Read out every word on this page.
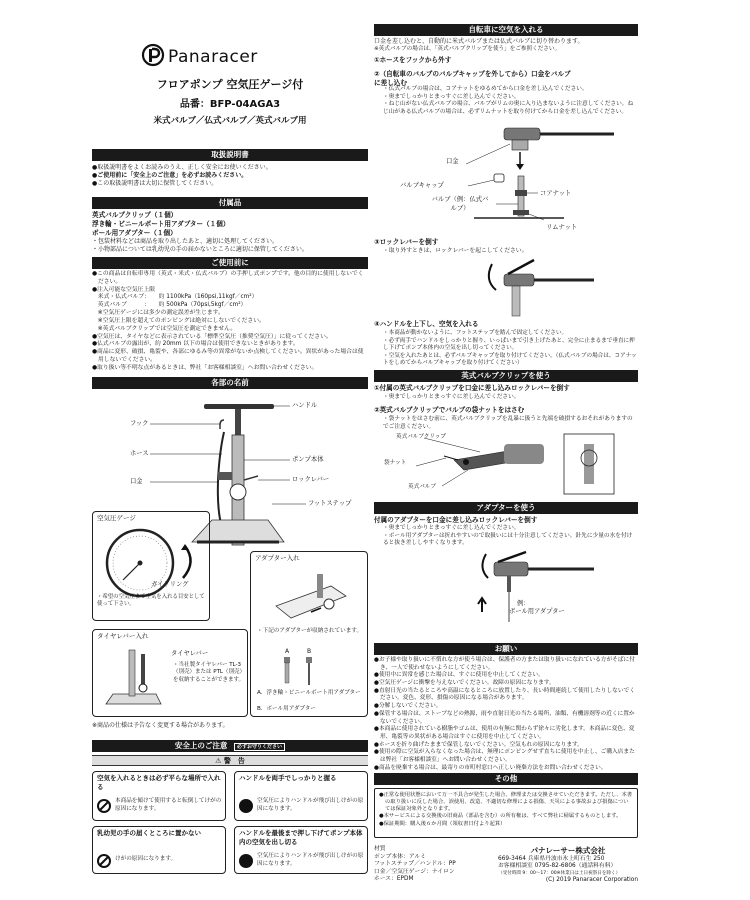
Panaracer
フロアポンプ 空気圧ゲージ付
品番：BFP-04AGA3
米式バルブ／仏式バルブ／英式バルブ用
取扱説明書

●取扱説明書をよくお読みのうえ、正しく安全にお使いください。

●ご使用前に「安全上のご注意」を必ずお読みください。

●この取扱説明書は大切に保管してください。

付属品

英式バルブクリップ（１個）

浮き輪・ビニールボート用アダプター（１個）

ボール用アダプター（１個）

・包装材料などは商品を取り出したあと、適切に処理してください。

・小物部品については乳幼児の手の届かないところに適切に保管してください。

ご使用前に

●この商品は自転車専用（英式・米式・仏式バルブ）の手押し式ポンプです。他の目的に使用しないでください。

●注入可能な空気圧上限

　米式・仏式バルブ：　　約 1100kPa（160psi,11kgf／cm²）

　英式バルブ　　　：　　約 500kPa（70psi,5kgf／cm²）

　※空気圧ゲージには多少の測定誤差が生じます。

　※空気圧上限を超えてのポンピングは絶対にしないでください。

　※英式バルブクリップでは空気圧を測定できません。

●空気圧は、タイヤなどに表示されている「標準空気圧（推奨空気圧）」に従ってください。

●仏式バルブの露出が、約 20mm 以下の場合は使用できないときがあります。

●商品に変形、破損、亀裂や、各部にゆるみ等の異常がないか点検してください。異状があった場合は使用しないでください。

●取り扱い等不明な点があるときは、弊社「お客様相談室」へお問い合わせください。

各部の名前
ハンドル
フック
ホース
ポンプ本体
口金	ロックレバー
フットステップ
空気圧ゲージ
ガイドリング
・希望の空気圧まで空気を入れる目安として使って下さい。
アダプター入れ
・下記のアダプターが収納されています。
A	B
A．浮き輪・ビニールボート用アダプター
B．ボール用アダプター
タイヤレバー入れ
タイヤレバー
・当社製タイヤレバー TL-3（別売）または PTL（別売）を収納することができます。
※商品の仕様は予告なく変更する場合があります。
安全上のご注意 必ずお守りください
⚠ 警　告
空気を入れるときは必ず平らな場所で入れる
本商品を傾けて使用すると転倒してけがの原因になります。
ハンドルを両手でしっかりと握る
空気圧によりハンドルが飛び出しけがの原因になります。
乳幼児の手の届くところに置かない
けがの原因になります。
ハンドルを最後まで押し下げてポンプ本体内の空気を出し切る
空気圧によりハンドルが飛び出しけがの原因になります。
自転車に空気を入れる

口金を差し込むと、自動的に米式バルブまたは仏式バルブに切り替わります。

※英式バルブの場合は、「英式バルブクリップを使う」をご参照ください。

①ホースをフックから外す
②（自転車のバルブのバルブキャップを外してから）口金をバルブに差し込む

・仏式バルブの場合は、コアナットをゆるめてから口金を差し込んでください。

・奥までしっかりとまっすぐに差し込んでください。

・ねじ山がない仏式バルブの場合、バルブがリムの奥に入り込まないように注意してください。ねじ山がある仏式バルブの場合は、必ずリムナットを取り付けてから口金を差し込んでください。

口金
バルブキャップ
コアナット
バルブ（例：仏式バルブ）
リムナット
③ロックレバーを倒す
・取り外すときは、ロックレバーを起こしてください。
④ハンドルを上下し、空気を入れる

・本商品が動かないように、フットステップを踏んで固定してください。

・必ず両手でハンドルをしっかりと握り、いっぱいまで引き上げたあと、完全に止まるまで垂直に押し下げてポンプ本体内の空気を出し切ってください。

・空気を入れたあとは、必ずバルブキャップを取り付けてください。（仏式バルブの場合は、コアナットをしめてからバルブキャップを取り付けてください）

英式バルブクリップを使う
①付属の英式バルブクリップを口金に差し込みロックレバーを倒す
・奥までしっかりとまっすぐに差し込んでください。
②英式バルブクリップでバルブの袋ナットをはさむ
・袋ナットをはさむ前に、英式バルブクリップを乱暴に扱うと先端を破損するおそれがありますのでご注意ください。
英式バルブクリップ
袋ナット
英式バルブ
アダプターを使う
付属のアダプターを口金に差し込みロックレバーを倒す

・奥までしっかりとまっすぐに差し込んでください。

・ボール用アダプターは折れやすいので取扱いには十分注意してください。針先に少量の水を付けると抜き差ししやすくなります。

例：
ボール用アダプター
お願い

●お子様や取り扱いに不慣れな方が使う場合は、保護者の方または取り扱いになれている方がそばに付き、一人で使わせないようにしてください。

●使用中に異常を感じた場合は、すぐに使用を中止してください。

●空気圧ゲージに衝撃を与えないでください。故障の原因になります。

●直射日光の当たるところや高温になるところに放置したり、長い時間連続して使用したりしないでください。変色、変形、損傷の原因になる場合があります。

●分解しないでください。

●保管する場合は、ストーブなどの熱源、雨や直射日光の当たる場所、油類、有機溶剤等の近くに置かないでください。

●本商品に使用されている樹脂やゴムは、使用の有無に関わらず徐々に劣化します。本商品に変色、変形、亀裂等の異状がある場合はすぐに使用を中止してください。

●ホースを折り曲げたままで保管しないでください。空気もれの原因になります。

●使用の際に空気が入らなくなった場合は、無理にポンピングせず直ちに使用を中止し、ご購入店または弊社「お客様相談室」へお問い合わせください。

●商品を廃棄する場合は、最寄りの市町村窓口へ正しい廃棄方法をお問い合わせください。

その他

●正常な使用状態において万一不具合が発生した場合、修理または交換させていただきます。ただし、本書の取り扱いに反した場合、誤使用、改造、不適切な修理による損傷、天災による事故および損傷については保証対象外となります。

●本サービスによる交換後の旧商品（部品を含む）の所有権は、すべて弊社に帰属するものとします。

●保証期間：購入後６か月間（領収書日付より起算）

材質

ポンプ本体：アルミ

フットステップ／ハンドル：PP

口金／空気圧ゲージ：ナイロン

ホース：EPDM

パナレーサー株式会社

669-3464 兵庫県丹波市氷上町石生 250

お客様相談室 0795-82-6806（通話料有料）

（受付時間 9：00～17：00※休業日は土日祝祭日を除く）

(C) 2019 Panaracer Corporation
